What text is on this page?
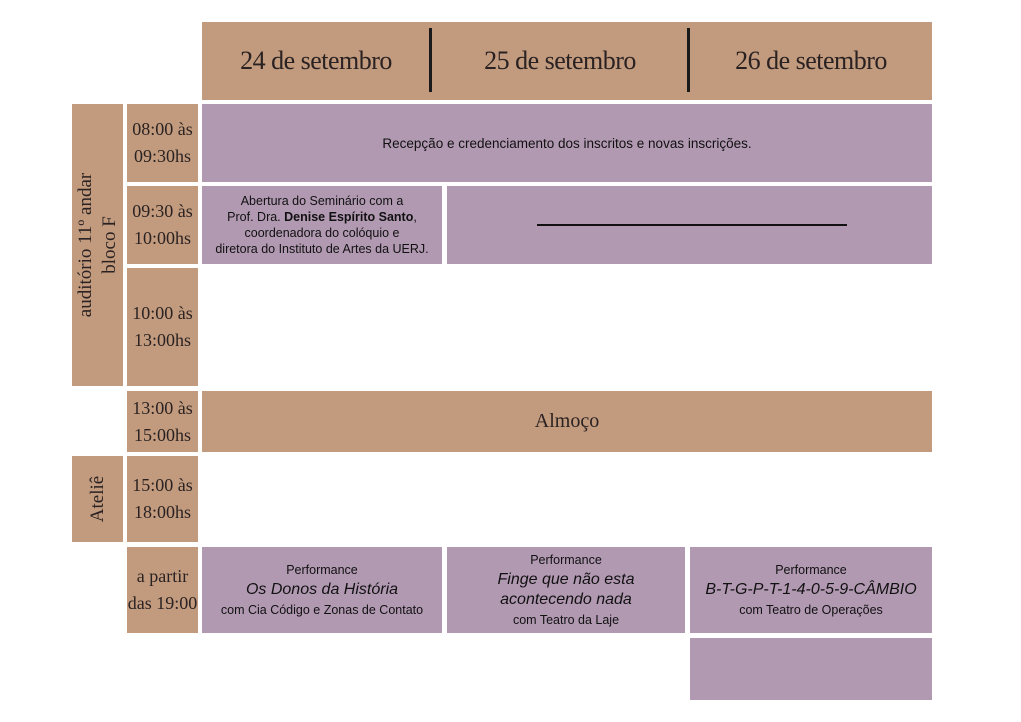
24 de setembro	25 de setembro	26 de setembro
auditório 11º andar bloco F
Ateliê
08:00 às
09:30hs
09:30 às
10:00hs
10:00 às
13:00hs
13:00 às
15:00hs
15:00 às
18:00hs
a partir
das 19:00
Recepção e credenciamento dos inscritos e novas inscrições.
Abertura do Seminário com a
Prof. Dra. Denise Espírito Santo,
coordenadora do colóquio e
diretora do Instituto de Artes da UERJ.
Almoço
Performance
Os Donos da História
com Cia Código e Zonas de Contato
Performance
Finge que não esta
acontecendo nada
com Teatro da Laje
Performance
B-T-G-P-T-1-4-0-5-9-CÂMBIO
com Teatro de Operações
